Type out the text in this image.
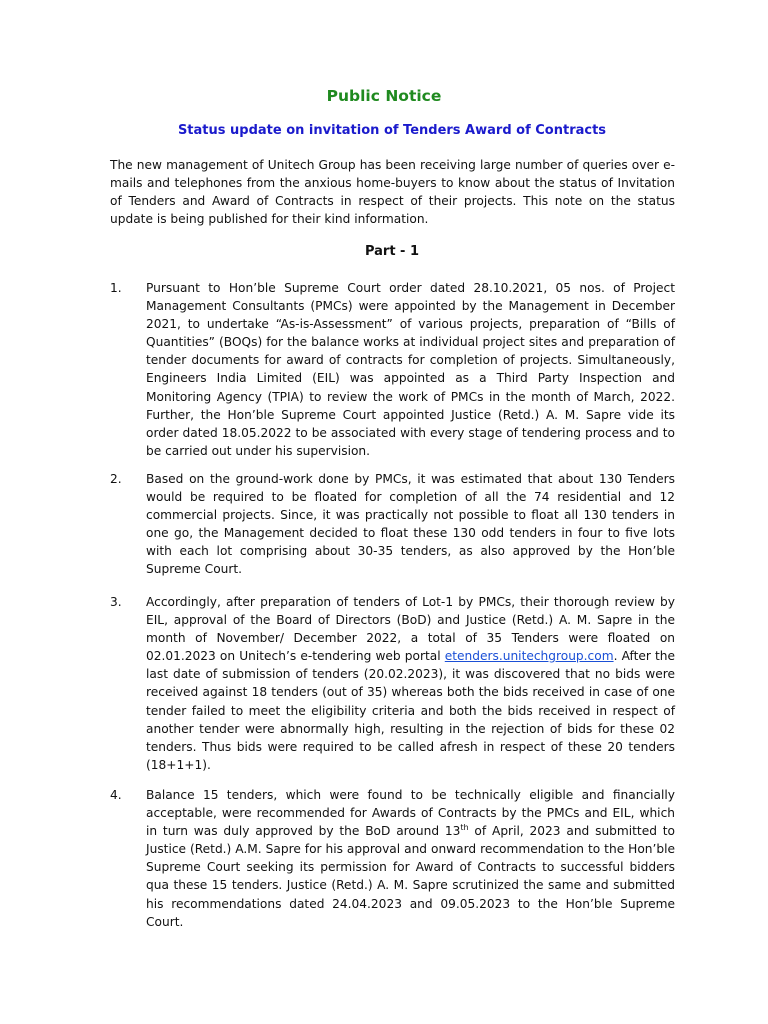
Public Notice
Status update on invitation of Tenders Award of Contracts
The new management of Unitech Group has been receiving large number of queries over e-mails and telephones from the anxious home-buyers to know about the status of Invitation of Tenders and Award of Contracts in respect of their projects. This note on the status update is being published for their kind information.
Part - 1
1.	Pursuant to Hon’ble Supreme Court order dated 28.10.2021, 05 nos. of Project Management Consultants (PMCs) were appointed by the Management in December 2021, to undertake “As-is-Assessment” of various projects, preparation of “Bills of Quantities” (BOQs) for the balance works at individual project sites and preparation of tender documents for award of contracts for completion of projects. Simultaneously, Engineers India Limited (EIL) was appointed as a Third Party Inspection and Monitoring Agency (TPIA) to review the work of PMCs in the month of March, 2022. Further, the Hon’ble Supreme Court appointed Justice (Retd.) A. M. Sapre vide its order dated 18.05.2022 to be associated with every stage of tendering process and to be carried out under his supervision.
2.	Based on the ground-work done by PMCs, it was estimated that about 130 Tenders would be required to be floated for completion of all the 74 residential and 12 commercial projects. Since, it was practically not possible to float all 130 tenders in one go, the Management decided to float these 130 odd tenders in four to five lots with each lot comprising about 30-35 tenders, as also approved by the Hon’ble Supreme Court.
3.	Accordingly, after preparation of tenders of Lot-1 by PMCs, their thorough review by EIL, approval of the Board of Directors (BoD) and Justice (Retd.) A. M. Sapre in the month of November/ December 2022, a total of 35 Tenders were floated on 02.01.2023 on Unitech’s e-tendering web portal etenders.unitechgroup.com. After the last date of submission of tenders (20.02.2023), it was discovered that no bids were received against 18 tenders (out of 35) whereas both the bids received in case of one tender failed to meet the eligibility criteria and both the bids received in respect of another tender were abnormally high, resulting in the rejection of bids for these 02 tenders. Thus bids were required to be called afresh in respect of these 20 tenders (18+1+1).
4.	Balance 15 tenders, which were found to be technically eligible and financially acceptable, were recommended for Awards of Contracts by the PMCs and EIL, which in turn was duly approved by the BoD around 13th of April, 2023 and submitted to Justice (Retd.) A.M. Sapre for his approval and onward recommendation to the Hon’ble Supreme Court seeking its permission for Award of Contracts to successful bidders qua these 15 tenders. Justice (Retd.) A. M. Sapre scrutinized the same and submitted his recommendations dated 24.04.2023 and 09.05.2023 to the Hon’ble Supreme Court.
